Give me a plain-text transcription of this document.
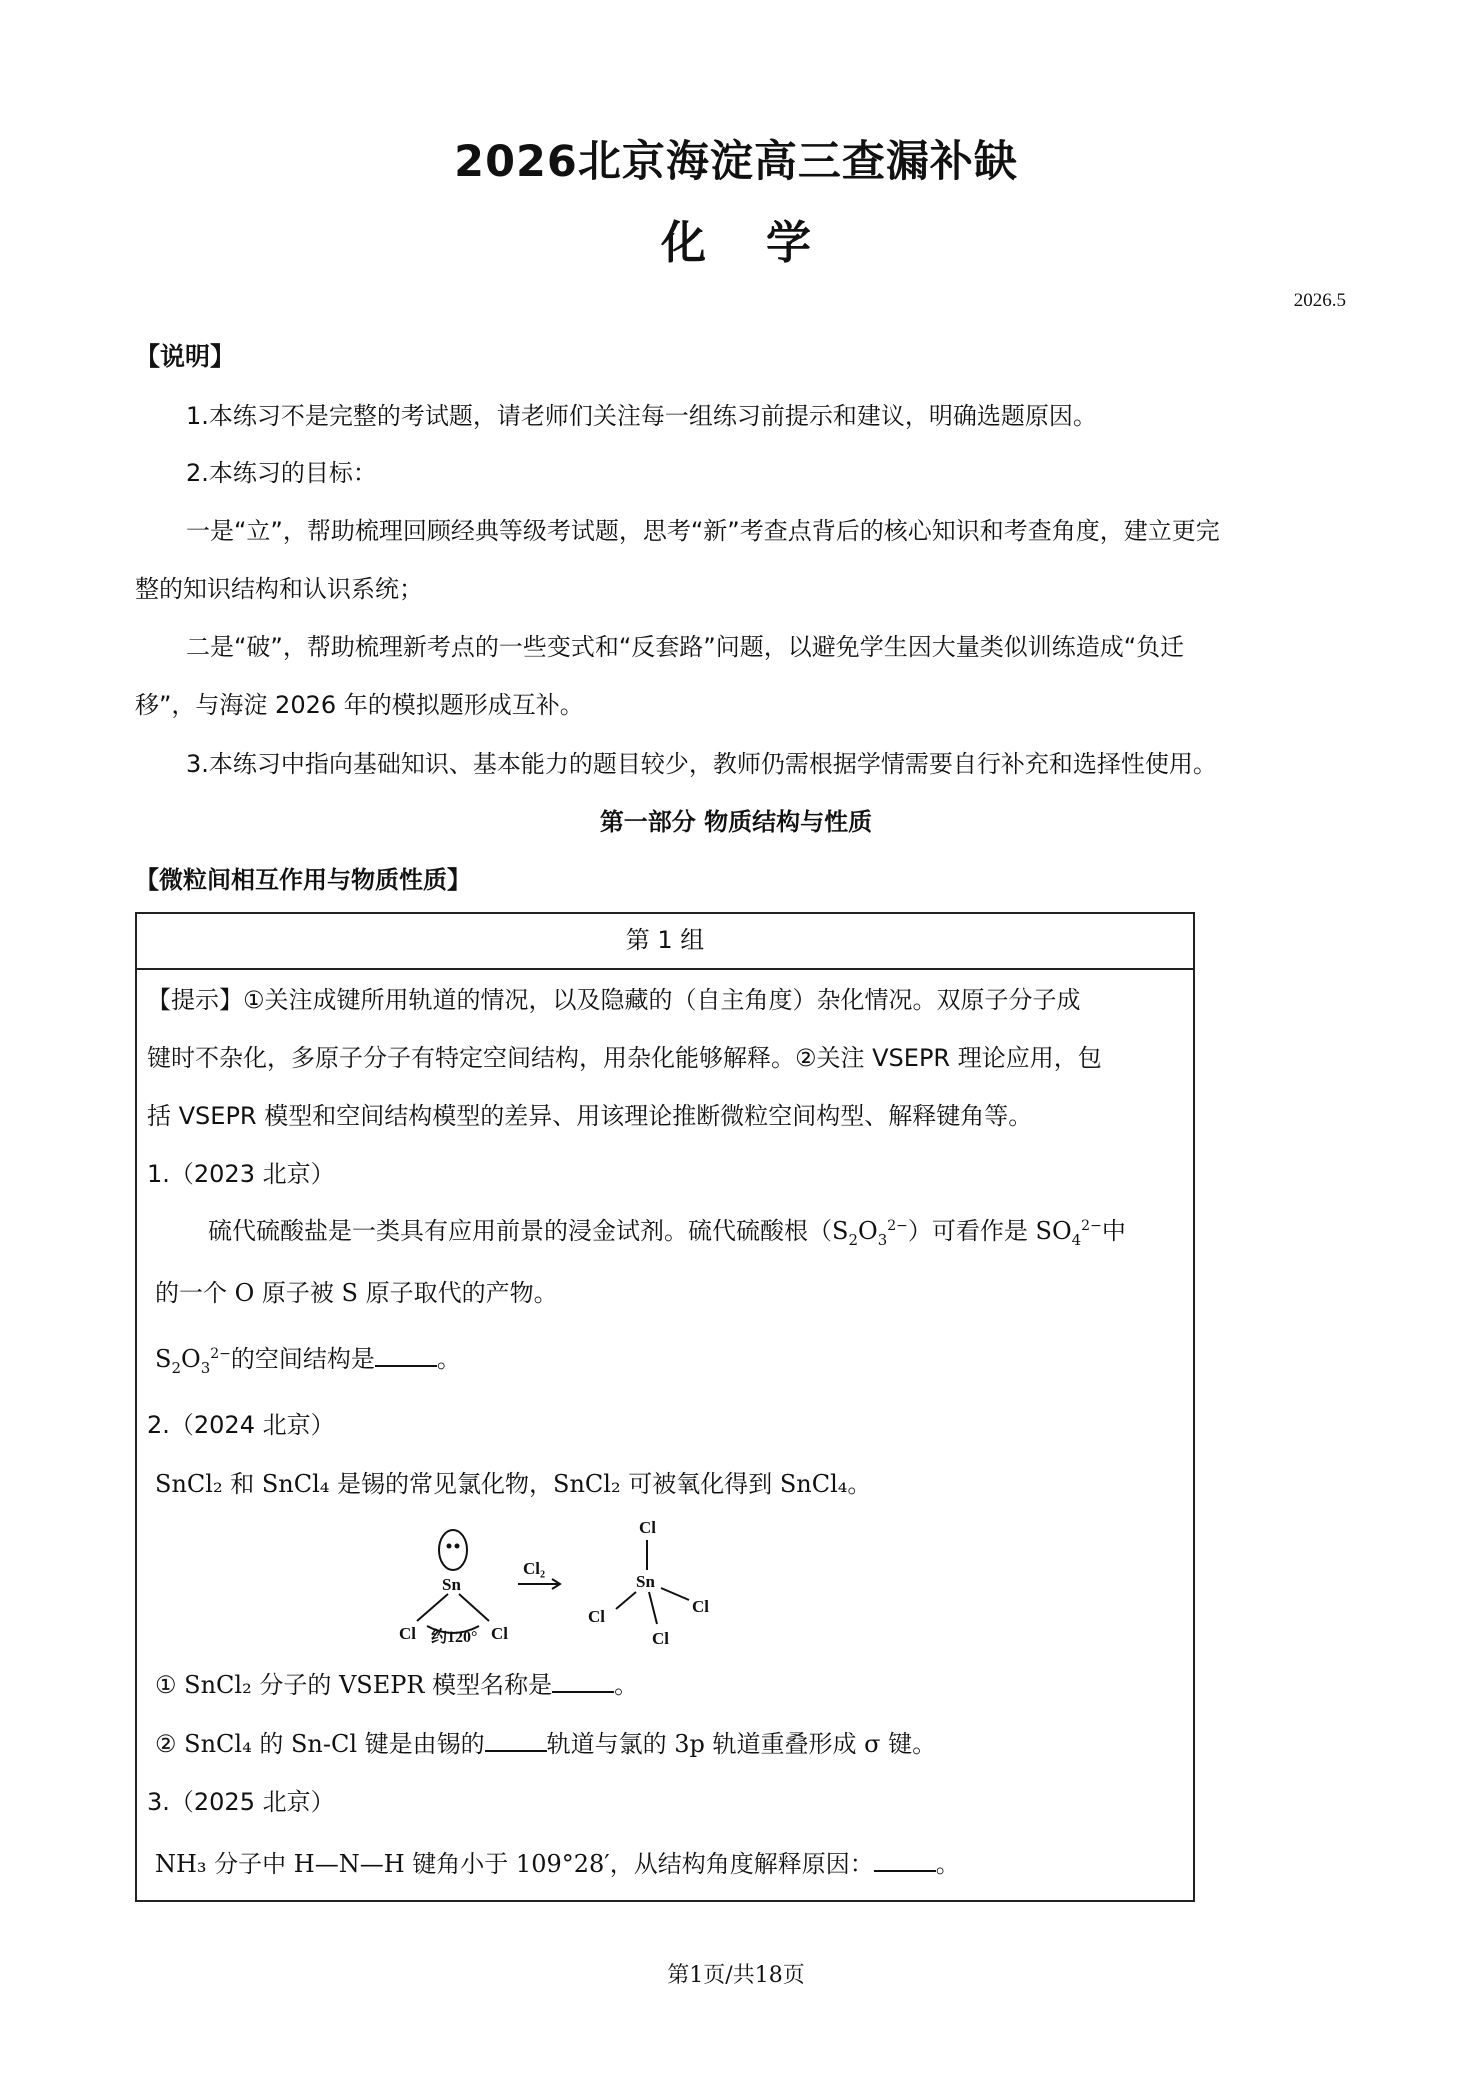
2026北京海淀高三查漏补缺
化学
2026.5
【说明】
1.本练习不是完整的考试题，请老师们关注每一组练习前提示和建议，明确选题原因。
2.本练习的目标：
一是“立”，帮助梳理回顾经典等级考试题，思考“新”考查点背后的核心知识和考查角度，建立更完
整的知识结构和认识系统；
二是“破”，帮助梳理新考点的一些变式和“反套路”问题，以避免学生因大量类似训练造成“负迁
移”，与海淀 2026 年的模拟题形成互补。
3.本练习中指向基础知识、基本能力的题目较少，教师仍需根据学情需要自行补充和选择性使用。
第一部分 物质结构与性质
【微粒间相互作用与物质性质】
第 1 组
【提示】①关注成键所用轨道的情况，以及隐藏的（自主角度）杂化情况。双原子分子成
键时不杂化，多原子分子有特定空间结构，用杂化能够解释。②关注 VSEPR 理论应用，包
括 VSEPR 模型和空间结构模型的差异、用该理论推断微粒空间构型、解释键角等。
1.（2023 北京）
硫代硫酸盐是一类具有应用前景的浸金试剂。硫代硫酸根$(S_2O_3^{2-})$可看作是 $SO_4^{2-}$中
的一个 O 原子被 S 原子取代的产物。
$S_2O_3^{2-}$的空间结构是	。
2.（2024 北京）
SnCl₂ 和 SnCl₄ 是锡的常见氯化物，SnCl₂ 可被氧化得到 SnCl₄。
Sn
Cl 约120° Cl
Cl₂
Cl
Sn
Cl
Cl
Cl
① SnCl₂ 分子的 VSEPR 模型名称是	。
② SnCl₄ 的 Sn-Cl 键是由锡的	轨道与氯的 3p 轨道重叠形成 σ 键。
3.（2025 北京）
NH₃ 分子中 H—N—H 键角小于 109°28′，从结构角度解释原因：	。
第1页/共18页
